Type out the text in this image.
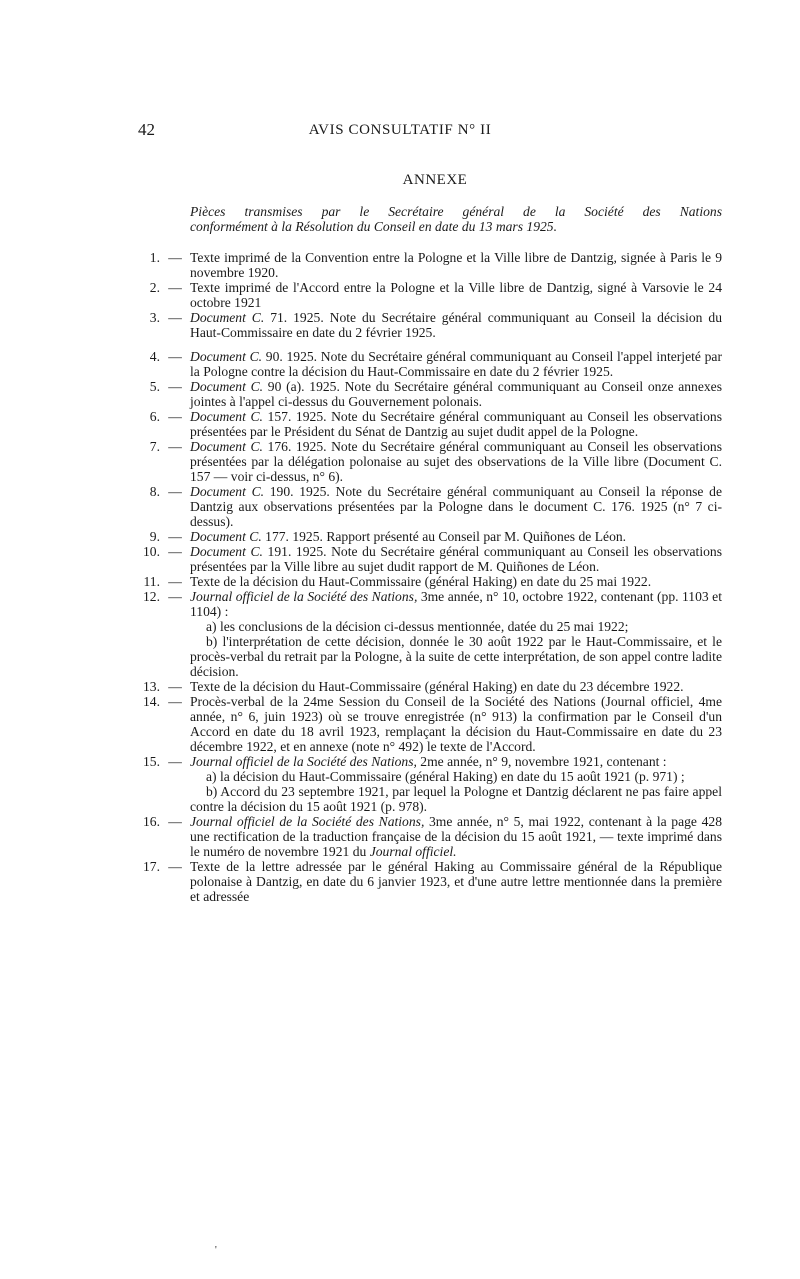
42	AVIS CONSULTATIF N° II
ANNEXE
Pièces transmises par le Secrétaire général de la Société des Nations
conformément à la Résolution du Conseil en date du 13 mars 1925.
1. — Texte imprimé de la Convention entre la Pologne et la Ville libre de Dantzig, signée à Paris le 9 novembre 1920.
2. — Texte imprimé de l'Accord entre la Pologne et la Ville libre de Dantzig, signé à Varsovie le 24 octobre 1921
3. — Document C. 71. 1925. Note du Secrétaire général communiquant au Conseil la décision du Haut-Commissaire en date du 2 février 1925.
4. — Document C. 90. 1925. Note du Secrétaire général communiquant au Conseil l'appel interjeté par la Pologne contre la décision du Haut-Commissaire en date du 2 février 1925.
5. — Document C. 90 (a). 1925. Note du Secrétaire général communiquant au Conseil onze annexes jointes à l'appel ci-dessus du Gouvernement polonais.
6. — Document C. 157. 1925. Note du Secrétaire général communiquant au Conseil les observations présentées par le Président du Sénat de Dantzig au sujet dudit appel de la Pologne.
7. — Document C. 176. 1925. Note du Secrétaire général communiquant au Conseil les observations présentées par la délégation polonaise au sujet des observations de la Ville libre (Document C. 157 — voir ci-dessus, n° 6).
8. — Document C. 190. 1925. Note du Secrétaire général communiquant au Conseil la réponse de Dantzig aux observations présentées par la Pologne dans le document C. 176. 1925 (n° 7 ci-dessus).
9. — Document C. 177. 1925. Rapport présenté au Conseil par M. Quiñones de Léon.
10. — Document C. 191. 1925. Note du Secrétaire général communiquant au Conseil les observations présentées par la Ville libre au sujet dudit rapport de M. Quiñones de Léon.
11. — Texte de la décision du Haut-Commissaire (général Haking) en date du 25 mai 1922.
12. — Journal officiel de la Société des Nations, 3me année, n° 10, octobre 1922, contenant (pp. 1103 et 1104) :
a) les conclusions de la décision ci-dessus mentionnée, datée du 25 mai 1922;
b) l'interprétation de cette décision, donnée le 30 août 1922 par le Haut-Commissaire, et le procès-verbal du retrait par la Pologne, à la suite de cette interprétation, de son appel contre ladite décision.
13. — Texte de la décision du Haut-Commissaire (général Haking) en date du 23 décembre 1922.
14. — Procès-verbal de la 24me Session du Conseil de la Société des Nations (Journal officiel, 4me année, n° 6, juin 1923) où se trouve enregistrée (n° 913) la confirmation par le Conseil d'un Accord en date du 18 avril 1923, remplaçant la décision du Haut-Commissaire en date du 23 décembre 1922, et en annexe (note n° 492) le texte de l'Accord.
15. — Journal officiel de la Société des Nations, 2me année, n° 9, novembre 1921, contenant :
a) la décision du Haut-Commissaire (général Haking) en date du 15 août 1921 (p. 971) ;
b) Accord du 23 septembre 1921, par lequel la Pologne et Dantzig déclarent ne pas faire appel contre la décision du 15 août 1921 (p. 978).
16. — Journal officiel de la Société des Nations, 3me année, n° 5, mai 1922, contenant à la page 428 une rectification de la traduction française de la décision du 15 août 1921, — texte imprimé dans le numéro de novembre 1921 du Journal officiel.
17. — Texte de la lettre adressée par le général Haking au Commissaire général de la République polonaise à Dantzig, en date du 6 janvier 1923, et d'une autre lettre mentionnée dans la première et adressée
'
